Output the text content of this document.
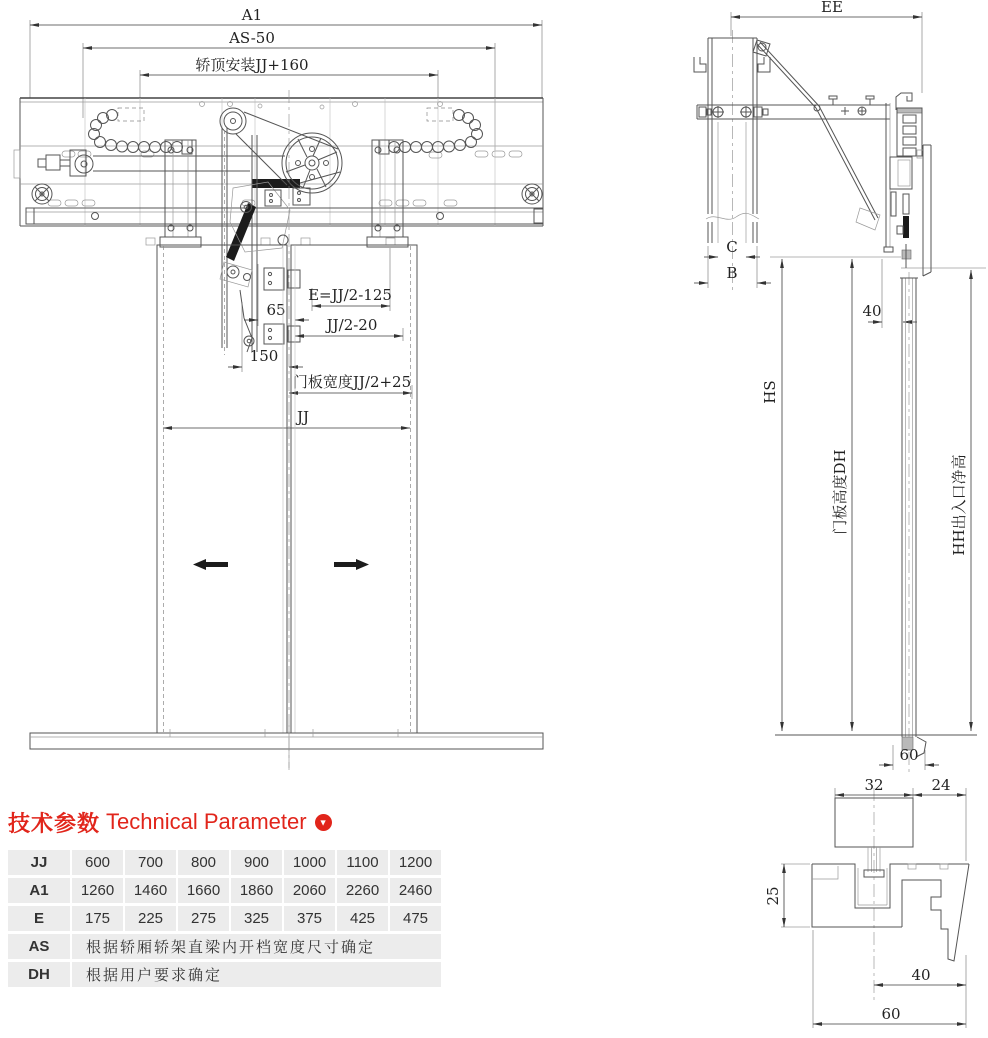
A1
AS-50
轿顶安装JJ+160
E=JJ/2-125
65
JJ/2-20
150
门板宽度JJ/2+25
JJ
EE
C
B
HS
门板高度DH	HH出入口净高
40
60
32	24
25
40
60
技术参数 Technical Parameter ▼
JJ	600	700	800	900	1000	1100	1200
A1	1260	1460	1660	1860	2060	2260	2460
E	175	225	275	325	375	425	475
AS	根据轿厢轿架直梁内开档宽度尺寸确定
DH	根据用户要求确定
